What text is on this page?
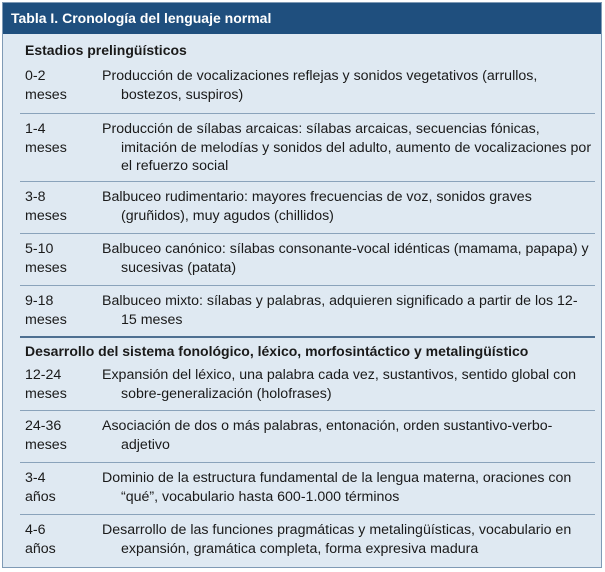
Tabla I. Cronología del lenguaje normal
Estadios prelingüísticos
0-2
meses
Producción de vocalizaciones reflejas y sonidos vegetativos (arrullos, bostezos, suspiros)
1-4
meses
Producción de sílabas arcaicas: sílabas arcaicas, secuencias fónicas, imitación de melodías y sonidos del adulto, aumento de vocalizaciones por el refuerzo social
3-8
meses
Balbuceo rudimentario: mayores frecuencias de voz, sonidos graves (gruñidos), muy agudos (chillidos)
5-10
meses
Balbuceo canónico: sílabas consonante-vocal idénticas (mamama, papapa) y sucesivas (patata)
9-18
meses
Balbuceo mixto: sílabas y palabras, adquieren significado a partir de los 12-15 meses
Desarrollo del sistema fonológico, léxico, morfosintáctico y metalingüístico
12-24
meses
Expansión del léxico, una palabra cada vez, sustantivos, sentido global con sobre-generalización (holofrases)
24-36
meses
Asociación de dos o más palabras, entonación, orden sustantivo-verbo-adjetivo
3-4
años
Dominio de la estructura fundamental de la lengua materna, oraciones con “qué”, vocabulario hasta 600-1.000 términos
4-6
años
Desarrollo de las funciones pragmáticas y metalingüísticas, vocabulario en expansión, gramática completa, forma expresiva madura
